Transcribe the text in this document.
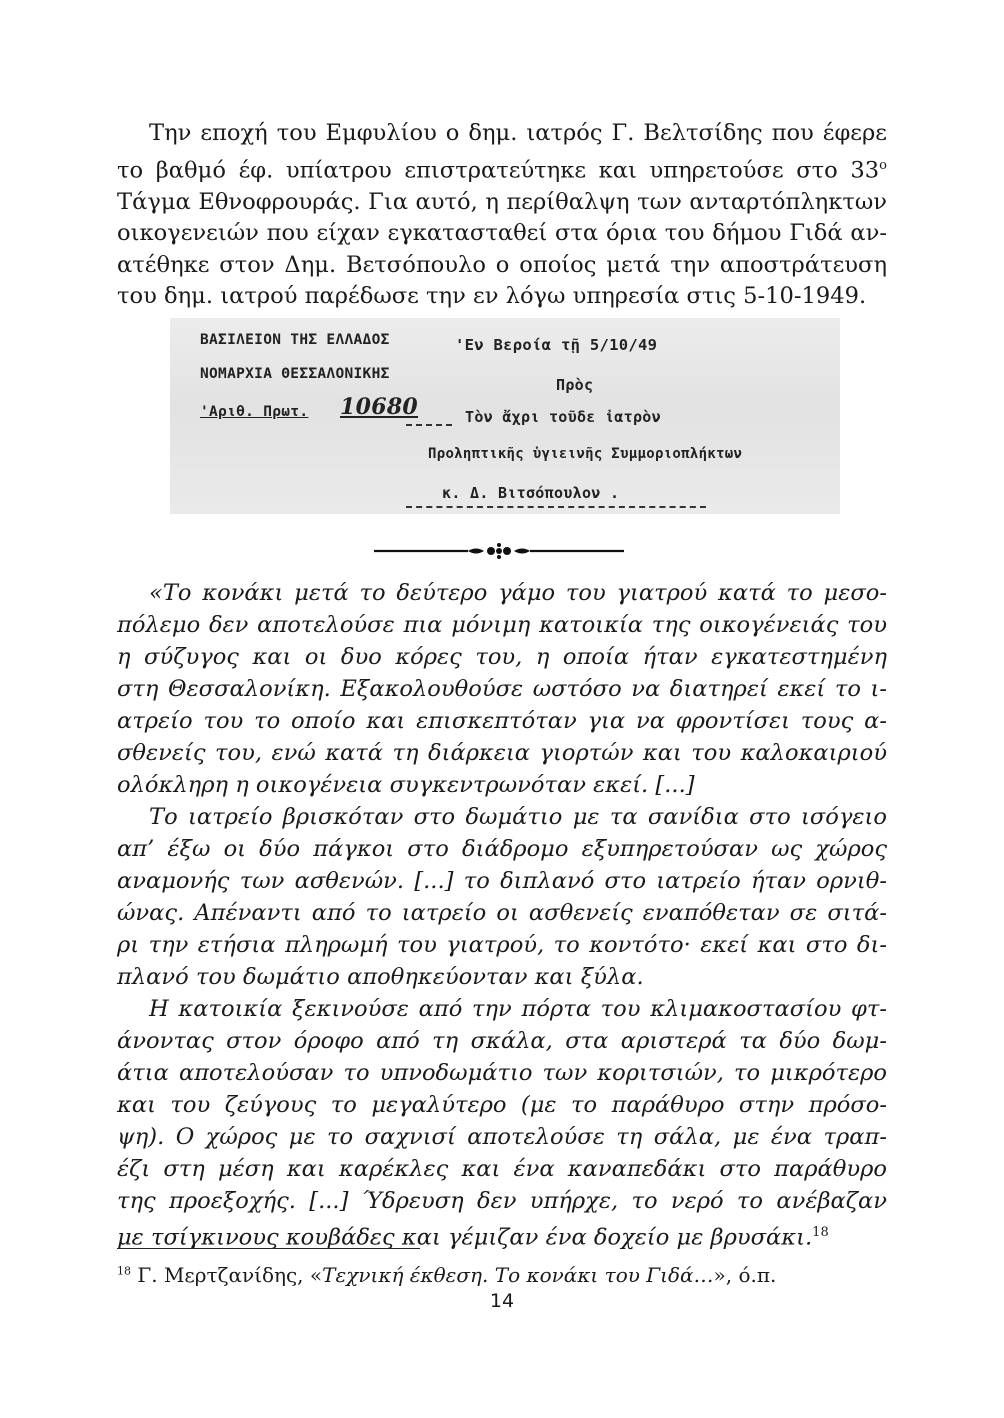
Την εποχή του Εμφυλίου ο δημ. ιατρός Γ. Βελτσίδης που έφερε
το βαθμό έφ. υπίατρου επιστρατεύτηκε και υπηρετούσε στο $33^o$
Τάγμα Εθνοφρουράς. Για αυτό, η περίθαλψη των ανταρτόπληκτων
οικογενειών που είχαν εγκατασταθεί στα όρια του δήμου Γιδά αν-
ατέθηκε στον Δημ. Βετσόπουλο ο οποίος μετά την αποστράτευση
του δημ. ιατρού παρέδωσε την εν λόγω υπηρεσία στις 5-10-1949.
ΒΑΣΙΛΕΙΟΝ ΤΗΣ ΕΛΛΑΔΟΣ	'Εν Βεροία τῇ 5/10/49
ΝΟΜΑΡΧΙΑ ΘΕΣΣΑΛΟΝΙΚΗΣ
Πρὸς
'Αριθ. Πρωτ. 10680	Τὸν ἄχρι τοῦδε ἰατρὸν
Προληπτικῆς ὑγιεινῆς Συμμοριοπλήκτων
κ. Δ. Βιτσόπουλον .
«Το κονάκι μετά το δεύτερο γάμο του γιατρού κατά το μεσο-
πόλεμο δεν αποτελούσε πια μόνιμη κατοικία της οικογένειάς του
η σύζυγος και οι δυο κόρες του, η οποία ήταν εγκατεστημένη
στη Θεσσαλονίκη. Εξακολουθούσε ωστόσο να διατηρεί εκεί το ι-
ατρείο του το οποίο και επισκεπτόταν για να φροντίσει τους α-
σθενείς του, ενώ κατά τη διάρκεια γιορτών και του καλοκαιριού
ολόκληρη η οικογένεια συγκεντρωνόταν εκεί. [...]
Το ιατρείο βρισκόταν στο δωμάτιο με τα σανίδια στο ισόγειο
απ’ έξω οι δύο πάγκοι στο διάδρομο εξυπηρετούσαν ως χώρος
αναμονής των ασθενών. [...] το διπλανό στο ιατρείο ήταν ορνιθ-
ώνας. Απέναντι από το ιατρείο οι ασθενείς εναπόθεταν σε σιτά-
ρι την ετήσια πληρωμή του γιατρού, το κοντότο· εκεί και στο δι-
πλανό του δωμάτιο αποθηκεύονταν και ξύλα.
Η κατοικία ξεκινούσε από την πόρτα του κλιμακοστασίου φτ-
άνοντας στον όροφο από τη σκάλα, στα αριστερά τα δύο δωμ-
άτια αποτελούσαν το υπνοδωμάτιο των κοριτσιών, το μικρότερο
και του ζεύγους το μεγαλύτερο (με το παράθυρο στην πρόσο-
ψη). Ο χώρος με το σαχνισί αποτελούσε τη σάλα, με ένα τραπ-
έζι στη μέση και καρέκλες και ένα καναπεδάκι στο παράθυρο
της προεξοχής. [...] Ύδρευση δεν υπήρχε, το νερό το ανέβαζαν
με τσίγκινους κουβάδες και γέμιζαν ένα δοχείο με βρυσάκι.$^{18}$
$^{18}$ Γ. Μερτζανίδης, «Τεχνική έκθεση. Το κονάκι του Γιδά…», ό.π.
14
